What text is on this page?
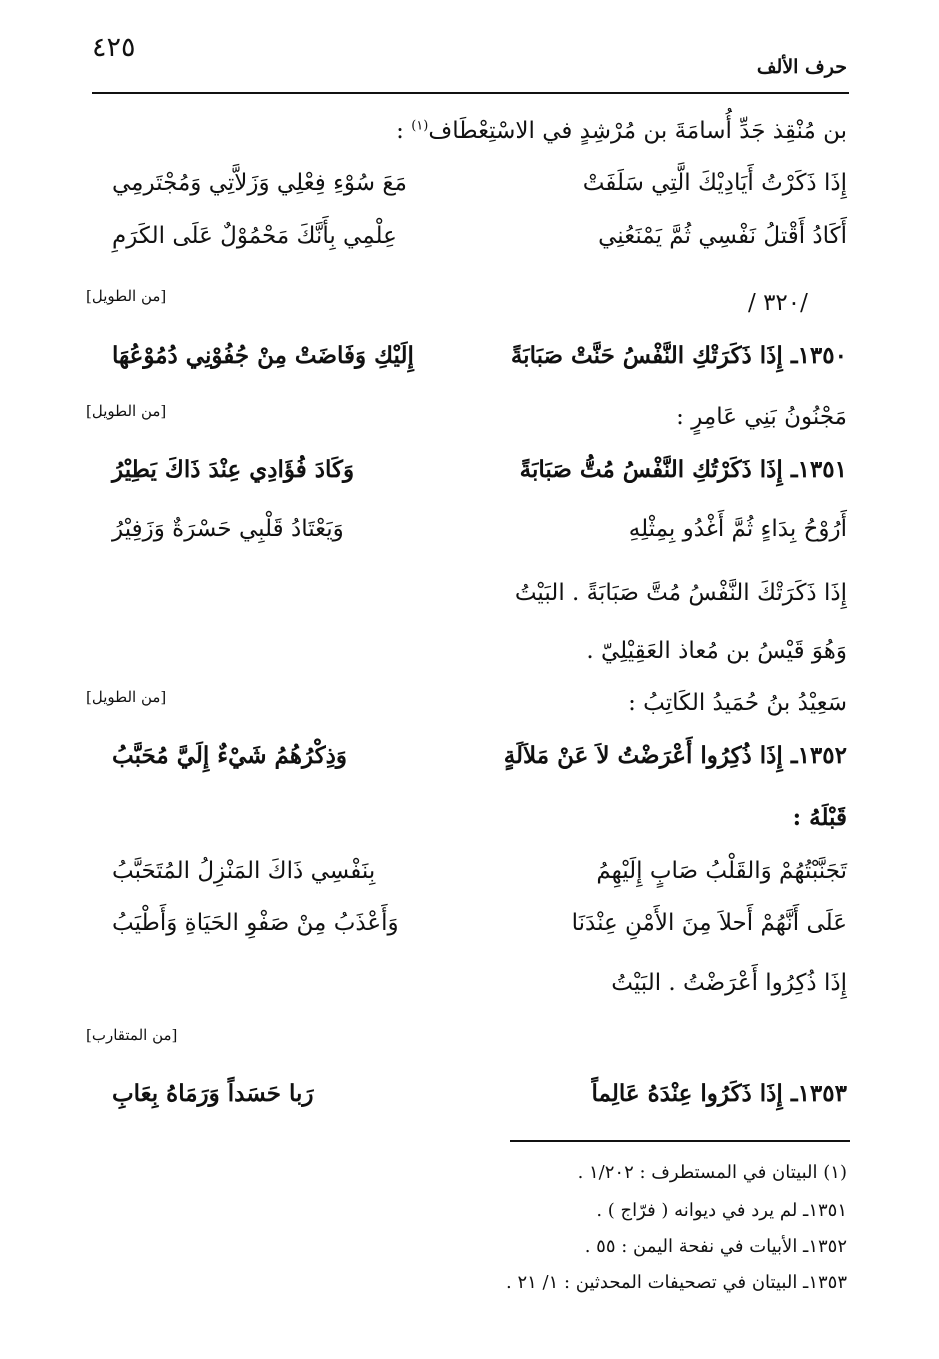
٤٢٥
حرف الألف
بن مُنْقِذ جَدِّ أُسامَةَ بن مُرْشِدٍ في الاسْتِعْطَاف$^{(١)}$ :
إِذَا ذَكَرْتُ أَيَادِيْكَ الَّتِي سَلَفَتْ
مَعَ سُوْءِ فِعْلِي وَزَلاَّتِي وَمُجْتَرمِي
أَكَادُ أَقْتلُ نَفْسِي ثُمَّ يَمْنَعُنِي
عِلْمِي بِأَنَّكَ مَحْمُوْلٌ عَلَى الكَرَمِ
[من الطويل]	/ ٣٢٠/
١٣٥٠ـ إِذَا ذَكَرَتْكِ النَّفْسُ حَنَّتْ صَبَابَةً
إِلَيْكِ وَفَاضَتْ مِنْ جُفُوْنِي دُمُوْعُهَا
[من الطويل]	مَجْنُونُ بَنِي عَامِرٍ :
١٣٥١ـ إِذَا ذَكَرْتُكِ النَّفْسُ مُتُّ صَبَابَةً
وَكَادَ فُؤَادِي عِنْدَ ذَاكَ يَطِيْرُ
أَرُوْحُ بِدَاءٍ ثُمَّ أَغْدُو بِمِثْلِهِ
وَيَعْتَادُ قَلْبِي حَسْرَةٌ وَزَفِيْرُ
إِذَا ذَكَرَتْكَ النَّفْسُ مُتَّ صَبَابَةً . البَيْتُ
وَهُوَ قَيْسُ بن مُعاذ العَقِيْلِيّ .
[من الطويل]	سَعِيْدُ بنُ حُمَيدُ الكَاتِبُ :
١٣٥٢ـ إِذَا ذُكِرُوا أَعْرَضْتُ لاَ عَنْ مَلاَلَةٍ
وَذِكْرُهُمُ شَيْءٌ إِلَيَّ مُحَبَّبُ
قَبْلَهُ :
تَجَنَّبْتُهُمْ وَالقَلْبُ صَابٍ إِلَيْهِمُ
بِنَفْسِي ذَاكَ المَنْزِلُ المُتَحَبَّبُ
عَلَى أَنَّهُمْ أَحلاَ مِنَ الأَمْنِ عِنْدَنَا
وَأَعْذَبُ مِنْ صَفْوِ الحَيَاةِ وَأَطْيَبُ
إِذَا ذُكِرُوا أَعْرَضْتُ . البَيْتُ
[من المتقارب]
١٣٥٣ـ إِذَا ذَكَرُوا عِنْدَهُ عَالِماً
رَبا حَسَداً وَرَمَاهُ بِعَابِ
(١) البيتان في المستطرف : ١/٢٠٢ .
١٣٥١ـ لم يرد في ديوانه ( فرّاج ) .
١٣٥٢ـ الأبيات في نفحة اليمن : ٥٥ .
١٣٥٣ـ البيتان في تصحيفات المحدثين : ١/ ٢١ .
